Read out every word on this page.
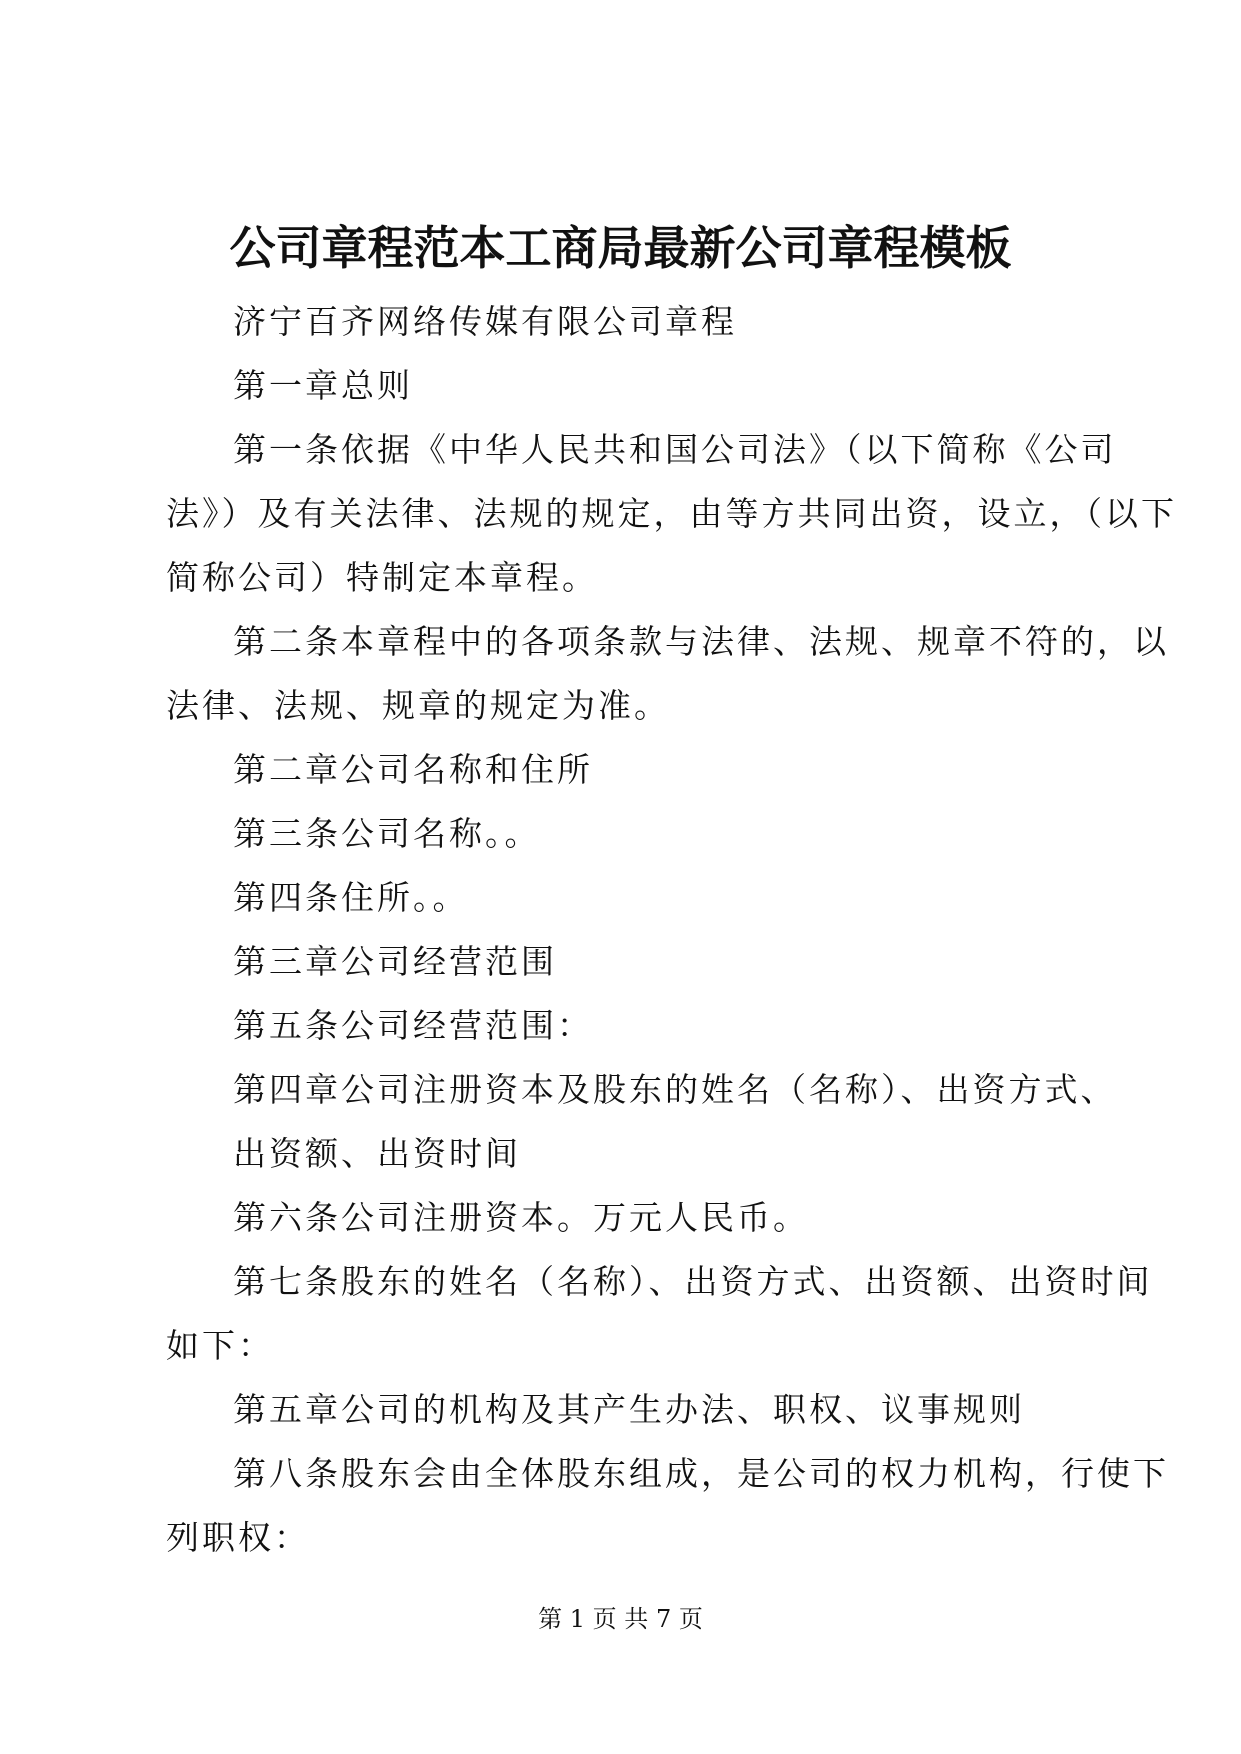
公司章程范本工商局最新公司章程模板
济宁百齐网络传媒有限公司章程
第一章总则
第一条依据《中华人民共和国公司法》（以下简称《公司
法》）及有关法律、法规的规定，由等方共同出资，设立，（以下
简称公司）特制定本章程。
第二条本章程中的各项条款与法律、法规、规章不符的，以
法律、法规、规章的规定为准。
第二章公司名称和住所
第三条公司名称。。
第四条住所。。
第三章公司经营范围
第五条公司经营范围：
第四章公司注册资本及股东的姓名（名称）、出资方式、
出资额、出资时间
第六条公司注册资本。万元人民币。
第七条股东的姓名（名称）、出资方式、出资额、出资时间
如下：
第五章公司的机构及其产生办法、职权、议事规则
第八条股东会由全体股东组成，是公司的权力机构，行使下
列职权：
第 1 页 共 7 页
